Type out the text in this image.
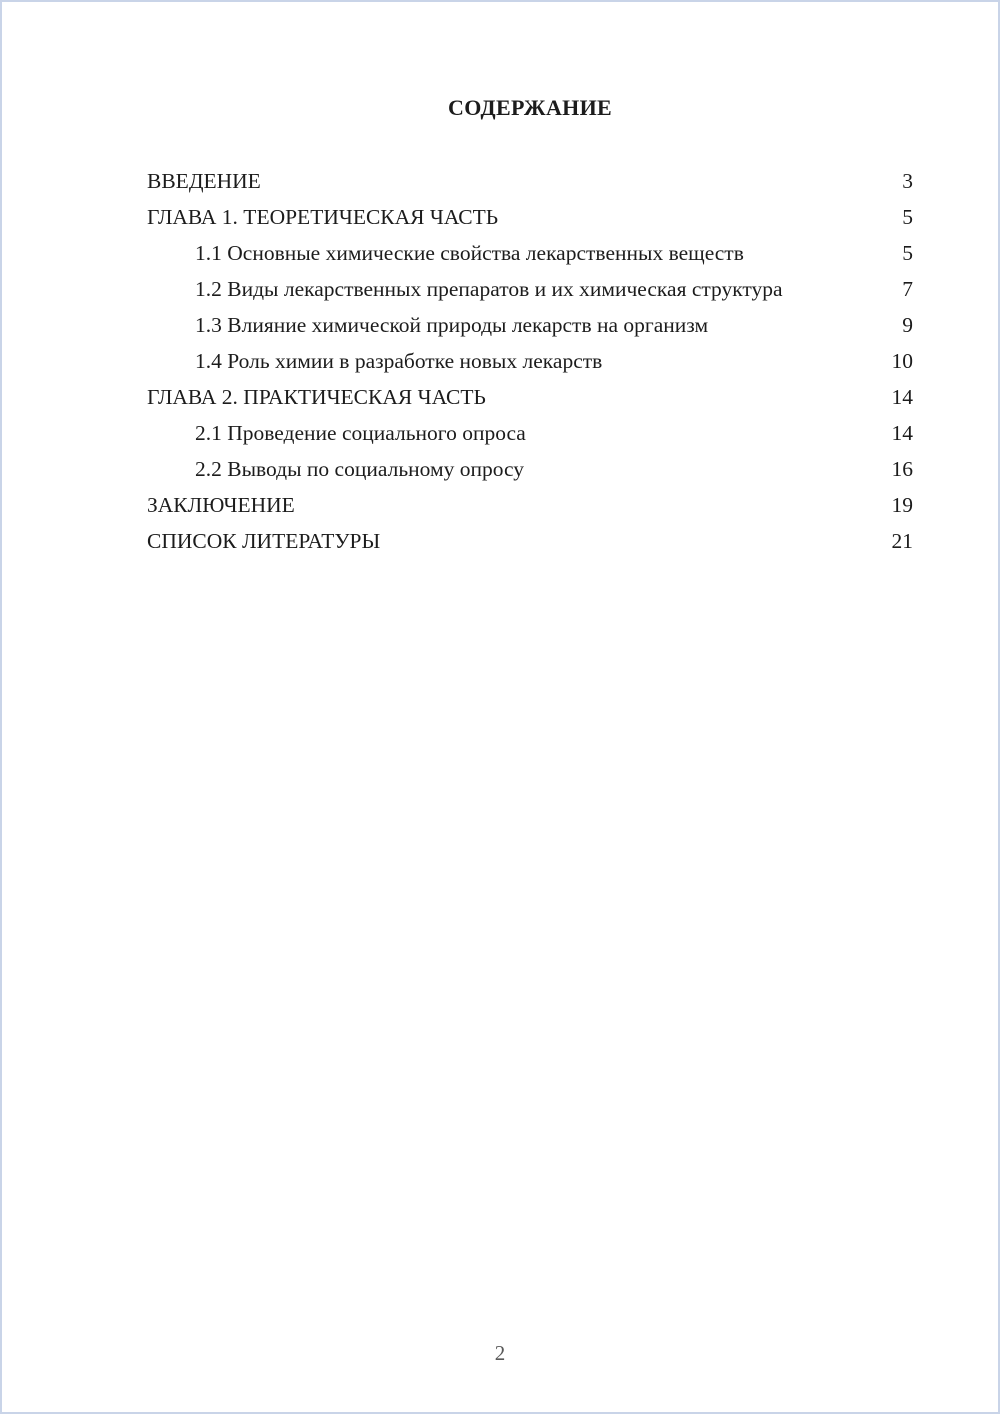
СОДЕРЖАНИЕ
ВВЕДЕНИЕ	3
ГЛАВА 1. ТЕОРЕТИЧЕСКАЯ ЧАСТЬ	5
1.1 Основные химические свойства лекарственных веществ	5
1.2 Виды лекарственных препаратов и их химическая структура	7
1.3 Влияние химической природы лекарств на организм	9
1.4 Роль химии в разработке новых лекарств	10
ГЛАВА 2. ПРАКТИЧЕСКАЯ ЧАСТЬ	14
2.1 Проведение социального опроса	14
2.2 Выводы по социальному опросу	16
ЗАКЛЮЧЕНИЕ	19
СПИСОК ЛИТЕРАТУРЫ	21
2
